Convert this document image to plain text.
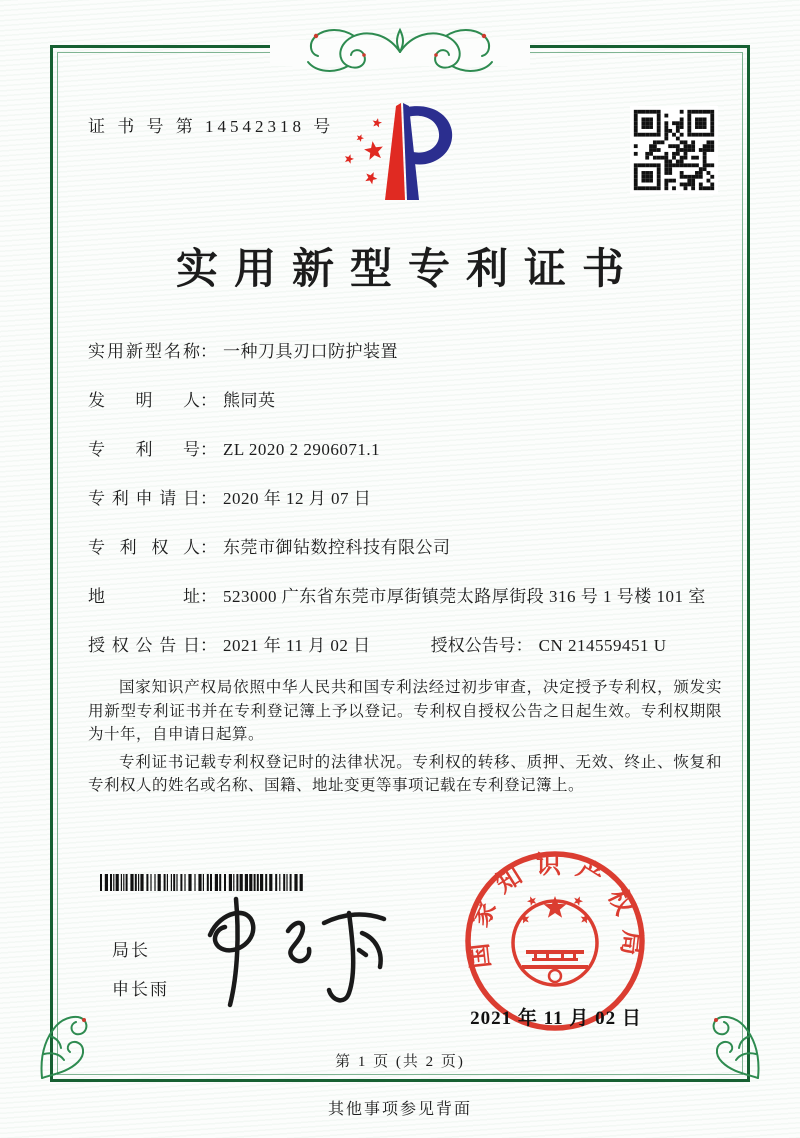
证 书 号 第 14542318 号
实用新型专利证书
实用新型名称 ： 一种刀具刃口防护装置
发明人 ： 熊同英
专利号 ： ZL 2020 2 2906071.1
专利申请日 ： 2020 年 12 月 07 日
专利权人 ： 东莞市御钻数控科技有限公司
地址 ： 523000 广东省东莞市厚街镇莞太路厚街段 316 号 1 号楼 101 室
授权公告日 ： 2021 年 11 月 02 日	授权公告号 ： CN 214559451 U

国家知识产权局依照中华人民共和国专利法经过初步审查，决定授予专利权，颁发实用新型专利证书并在专利登记簿上予以登记。专利权自授权公告之日起生效。专利权期限为十年，自申请日起算。

专利证书记载专利权登记时的法律状况。专利权的转移、质押、无效、终止、恢复和专利权人的姓名或名称、国籍、地址变更等事项记载在专利登记簿上。

局长
申长雨
国家知识产权局
2021 年 11 月 02 日
第 1 页 (共 2 页)
其他事项参见背面
